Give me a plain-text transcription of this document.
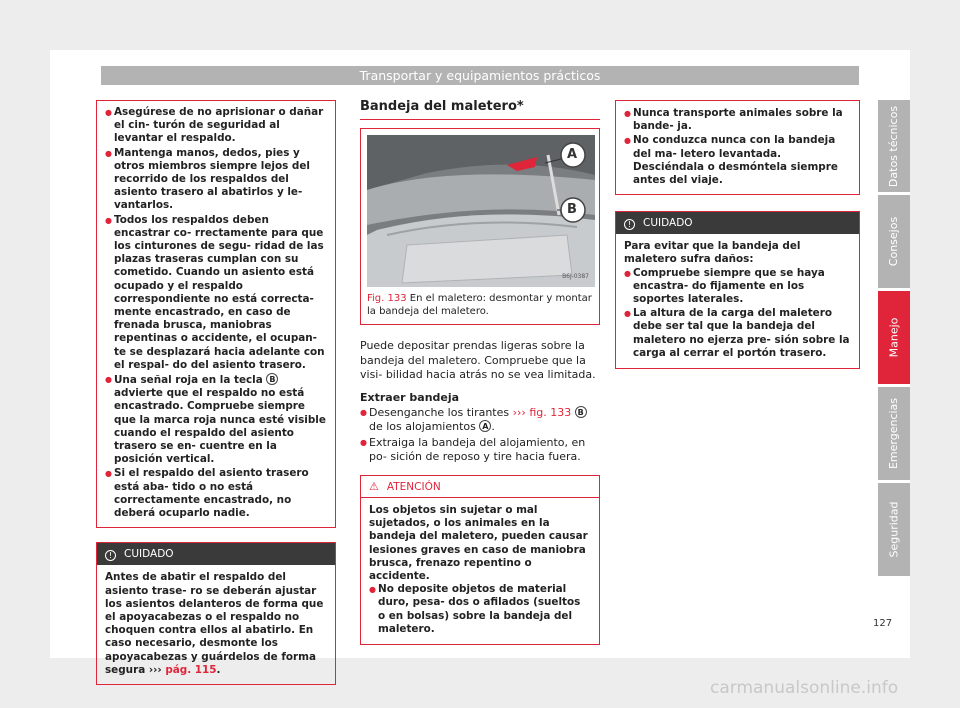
Transportar y equipamientos prácticos
● Asegúrese de no aprisionar o dañar el cin- turón de seguridad al levantar el respaldo.
● Mantenga manos, dedos, pies y otros miembros siempre lejos del recorrido de los respaldos del asiento trasero al abatirlos y le- vantarlos.
● Todos los respaldos deben encastrar co- rrectamente para que los cinturones de segu- ridad de las plazas traseras cumplan con su cometido. Cuando un asiento está ocupado y el respaldo correspondiente no está correcta- mente encastrado, en caso de frenada brusca, maniobras repentinas o accidente, el ocupan- te se desplazará hacia adelante con el respal- do del asiento trasero.
● Una señal roja en la tecla B advierte que el respaldo no está encastrado. Compruebe siempre que la marca roja nunca esté visible cuando el respaldo del asiento trasero se en- cuentre en la posición vertical.
● Si el respaldo del asiento trasero está aba- tido o no está correctamente encastrado, no deberá ocuparlo nadie.
! CUIDADO
Antes de abatir el respaldo del asiento trase- ro se deberán ajustar los asientos delanteros de forma que el apoyacabezas o el respaldo no choquen contra ellos al abatirlo. En caso necesario, desmonte los apoyacabezas y guárdelos de forma segura ››› pág. 115.
Bandeja del maletero*
A
B
B6J-0387
Fig. 133 En el maletero: desmontar y montar la bandeja del maletero.

Puede depositar prendas ligeras sobre la bandeja del maletero. Compruebe que la visi- bilidad hacia atrás no se vea limitada.

Extraer bandeja

● Desenganche los tirantes ››› fig. 133 B de los alojamientos A .
● Extraiga la bandeja del alojamiento, en po- sición de reposo y tire hacia fuera.
⚠ ATENCIÓN

Los objetos sin sujetar o mal sujetados, o los animales en la bandeja del maletero, pueden causar lesiones graves en caso de maniobra brusca, frenazo repentino o accidente.

● No deposite objetos de material duro, pesa- dos o afilados (sueltos o en bolsas) sobre la bandeja del maletero.
● Nunca transporte animales sobre la bande- ja.
● No conduzca nunca con la bandeja del ma- letero levantada. Desciéndala o desmóntela siempre antes del viaje.
! CUIDADO

Para evitar que la bandeja del maletero sufra daños:

● Compruebe siempre que se haya encastra- do fijamente en los soportes laterales.
● La altura de la carga del maletero debe ser tal que la bandeja del maletero no ejerza pre- sión sobre la carga al cerrar el portón trasero.
Datos técnicos
Consejos
Manejo
Emergencias
Seguridad
127
carmanualsonline.info
